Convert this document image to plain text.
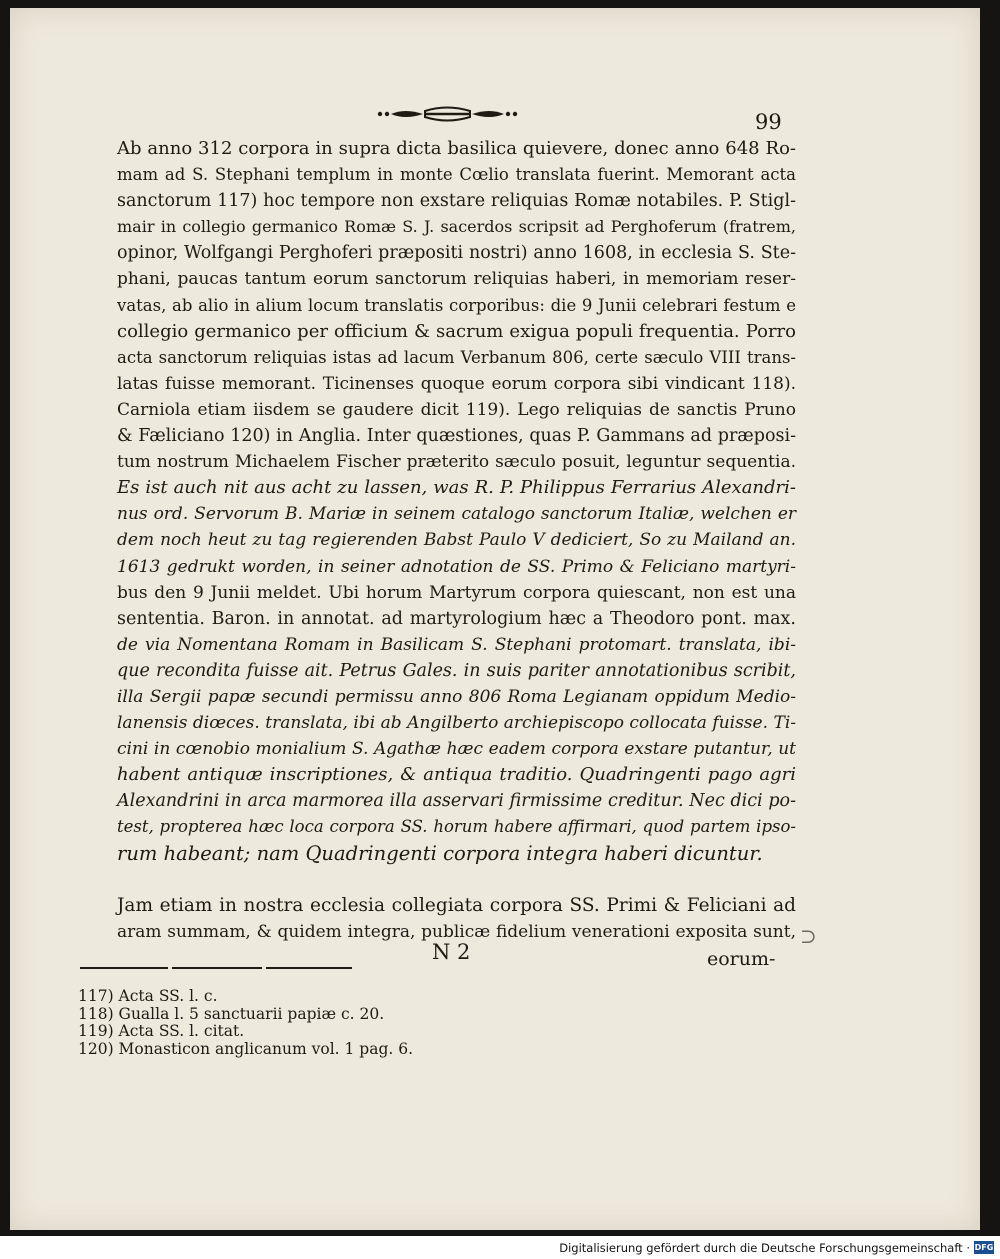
99
Ab anno 312 corpora in supra dicta basilica quievere, donec anno 648 Ro-
mam ad S. Stephani templum in monte Cœlio translata fuerint. Memorant acta
sanctorum 117) hoc tempore non exstare reliquias Romæ notabiles. P. Stigl-
mair in collegio germanico Romæ S. J. sacerdos scripsit ad Perghoferum (fratrem,
opinor, Wolfgangi Perghoferi præpositi nostri) anno 1608, in ecclesia S. Ste-
phani, paucas tantum eorum sanctorum reliquias haberi, in memoriam reser-
vatas, ab alio in alium locum translatis corporibus: die 9 Junii celebrari festum e
collegio germanico per officium & sacrum exigua populi frequentia. Porro
acta sanctorum reliquias istas ad lacum Verbanum 806, certe sæculo VIII trans-
latas fuisse memorant. Ticinenses quoque eorum corpora sibi vindicant 118).
Carniola etiam iisdem se gaudere dicit 119). Lego reliquias de sanctis Pruno
& Fæliciano 120) in Anglia. Inter quæstiones, quas P. Gammans ad præposi-
tum nostrum Michaelem Fischer præterito sæculo posuit, leguntur sequentia.
Es ist auch nit aus acht zu lassen, was R. P. Philippus Ferrarius Alexandri-
nus ord. Servorum B. Mariæ in seinem catalogo sanctorum Italiæ, welchen er
dem noch heut zu tag regierenden Babst Paulo V dediciert, So zu Mailand an.
1613 gedrukt worden, in seiner adnotation de SS. Primo & Feliciano martyri-
bus den 9 Junii meldet. Ubi horum Martyrum corpora quiescant, non est una
sententia. Baron. in annotat. ad martyrologium hæc a Theodoro pont. max.
de via Nomentana Romam in Basilicam S. Stephani protomart. translata, ibi-
que recondita fuisse ait. Petrus Gales. in suis pariter annotationibus scribit,
illa Sergii papæ secundi permissu anno 806 Roma Legianam oppidum Medio-
lanensis diœces. translata, ibi ab Angilberto archiepiscopo collocata fuisse. Ti-
cini in cœnobio monialium S. Agathæ hæc eadem corpora exstare putantur, ut
habent antiquæ inscriptiones, & antiqua traditio. Quadringenti pago agri
Alexandrini in arca marmorea illa asservari firmissime creditur. Nec dici po-
test, propterea hæc loca corpora SS. horum habere affirmari, quod partem ipso-
rum habeant; nam Quadringenti corpora integra haberi dicuntur.
Jam etiam in nostra ecclesia collegiata corpora SS. Primi & Feliciani ad
aram summam, & quidem integra, publicæ fidelium venerationi exposita sunt, ⊃
N 2	eorum-
117) Acta SS. l. c.
118) Gualla l. 5 sanctuarii papiæ c. 20.
119) Acta SS. l. citat.
120) Monasticon anglicanum vol. 1 pag. 6.
Digitalisierung gefördert durch die Deutsche Forschungsgemeinschaft · DFG
